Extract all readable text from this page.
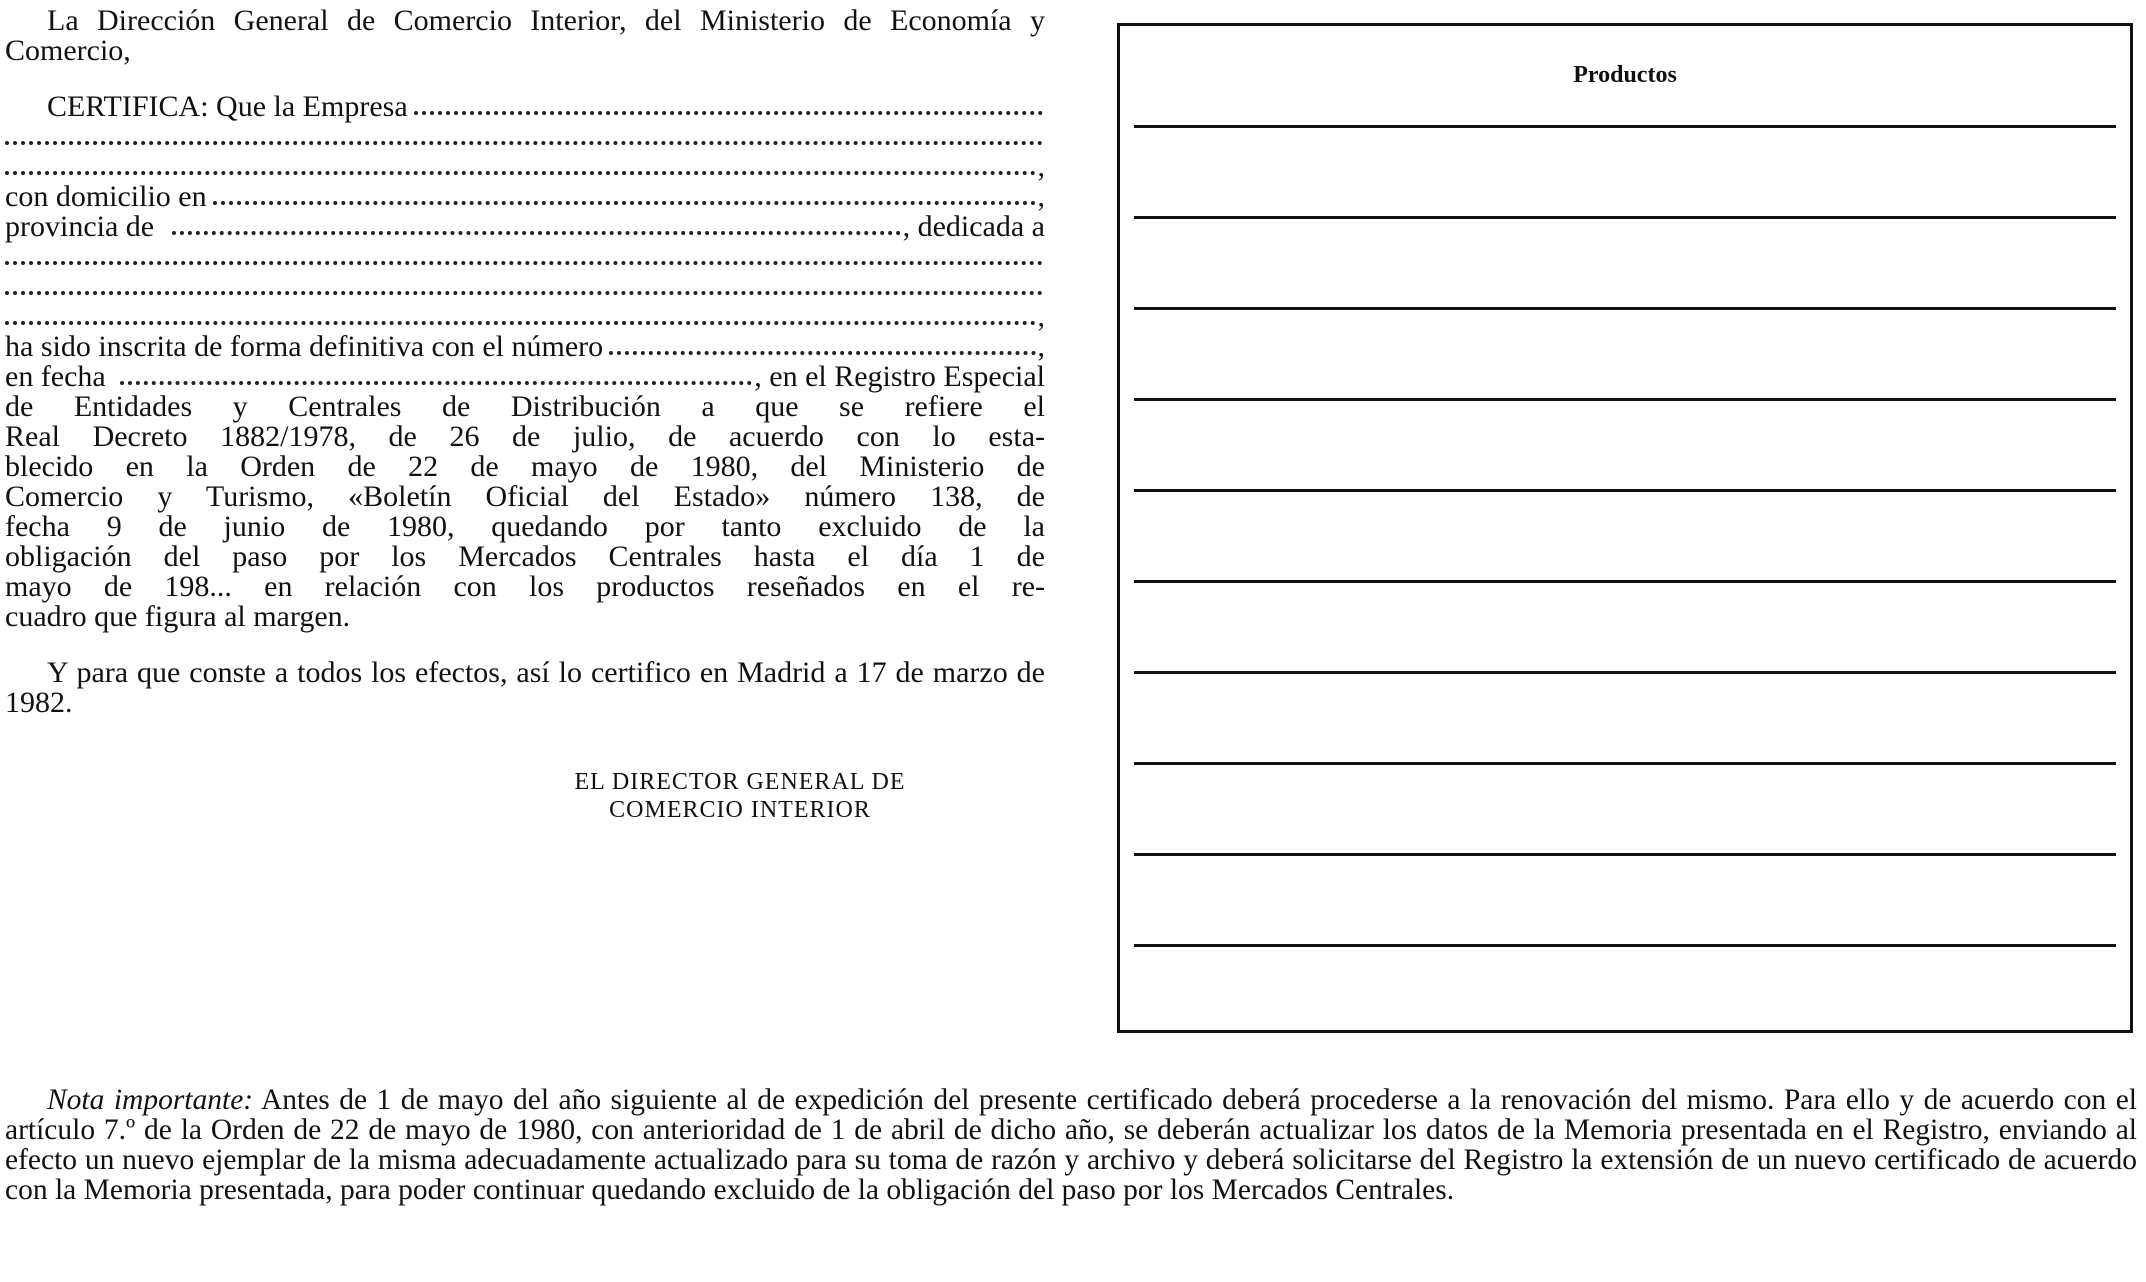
La Dirección General de Comercio Interior, del Ministerio de Economía y Comercio,

CERTIFICA: Que la Empresa
,
con domicilio en	,
provincia de	, dedicada a
,
ha sido inscrita de forma definitiva con el número	,
en fecha	, en el Registro Especial
de Entidades y Centrales de Distribución a que se refiere el
Real Decreto 1882/1978, de 26 de julio, de acuerdo con lo esta-
blecido en la Orden de 22 de mayo de 1980, del Ministerio de
Comercio y Turismo, «Boletín Oficial del Estado» número 138, de
fecha 9 de junio de 1980, quedando por tanto excluido de la
obligación del paso por los Mercados Centrales hasta el día 1 de
mayo de 198... en relación con los productos reseñados en el re-
cuadro que figura al margen.

Y para que conste a todos los efectos, así lo certifico en Madrid a 17 de marzo de 1982.

EL DIRECTOR GENERAL DE
COMERCIO INTERIOR
Productos

Nota importante: Antes de 1 de mayo del año siguiente al de expedición del presente certificado deberá procederse a la renovación del mismo. Para ello y de acuerdo con el artículo 7.º de la Orden de 22 de mayo de 1980, con anterioridad de 1 de abril de dicho año, se deberán actualizar los datos de la Memoria presentada en el Registro, enviando al efecto un nuevo ejemplar de la misma adecuadamente actualizado para su toma de razón y archivo y deberá solicitarse del Registro la extensión de un nuevo certificado de acuerdo con la Memoria presentada, para poder continuar quedando excluido de la obligación del paso por los Mercados Centrales.
